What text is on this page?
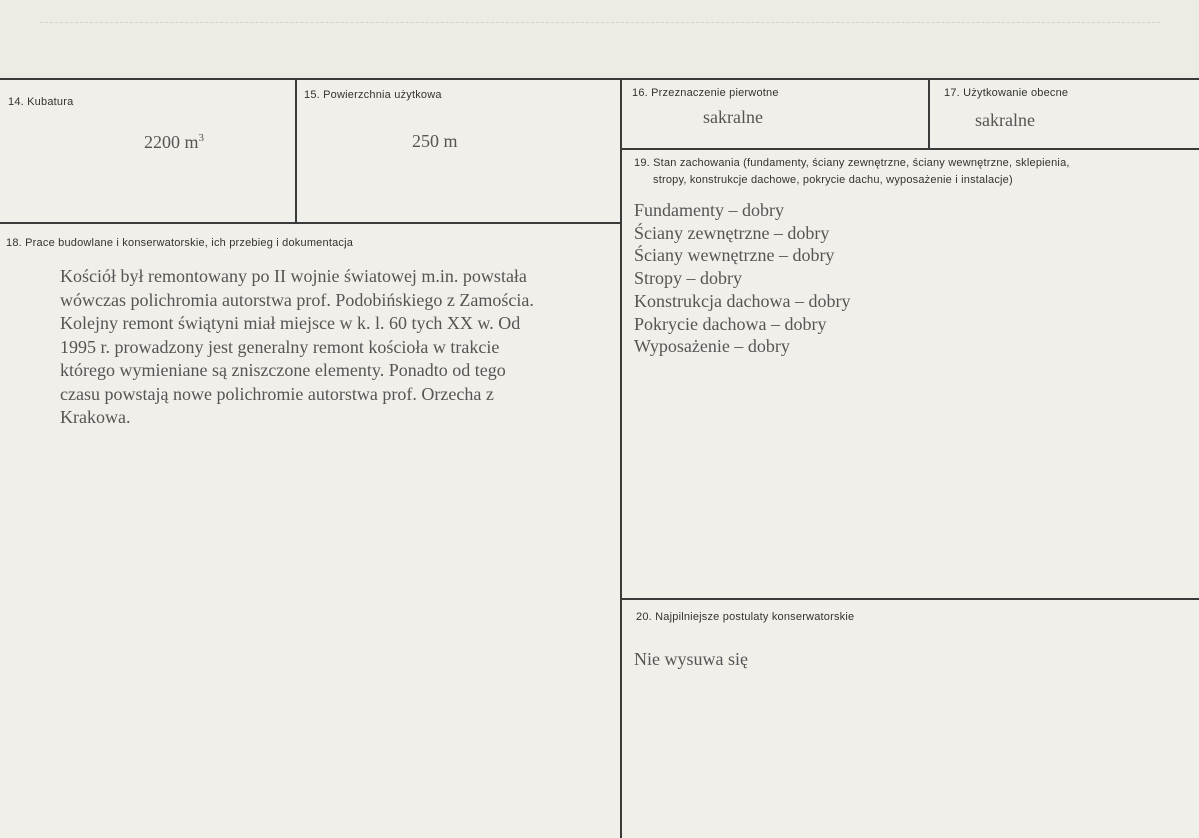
14. Kubatura
2200 $m^3$
15. Powierzchnia użytkowa
250 m
16. Przeznaczenie pierwotne
sakralne
17. Użytkowanie obecne
sakralne
18. Prace budowlane i konserwatorskie, ich przebieg i dokumentacja
Kościół był remontowany po II wojnie światowej m.in. powstała
wówczas polichromia autorstwa prof. Podobińskiego z Zamościa.
Kolejny remont świątyni miał miejsce w k. l. 60 tych XX w. Od
1995 r. prowadzony jest generalny remont kościoła w trakcie
którego wymieniane są zniszczone elementy. Ponadto od tego
czasu powstają nowe polichromie autorstwa prof. Orzecha z
Krakowa.
19. Stan zachowania (fundamenty, ściany zewnętrzne, ściany wewnętrzne, sklepienia,
stropy, konstrukcje dachowe, pokrycie dachu, wyposażenie i instalacje)
Fundamenty – dobry
Ściany zewnętrzne – dobry
Ściany wewnętrzne – dobry
Stropy – dobry
Konstrukcja dachowa – dobry
Pokrycie dachowa – dobry
Wyposażenie – dobry
20. Najpilniejsze postulaty konserwatorskie
Nie wysuwa się
